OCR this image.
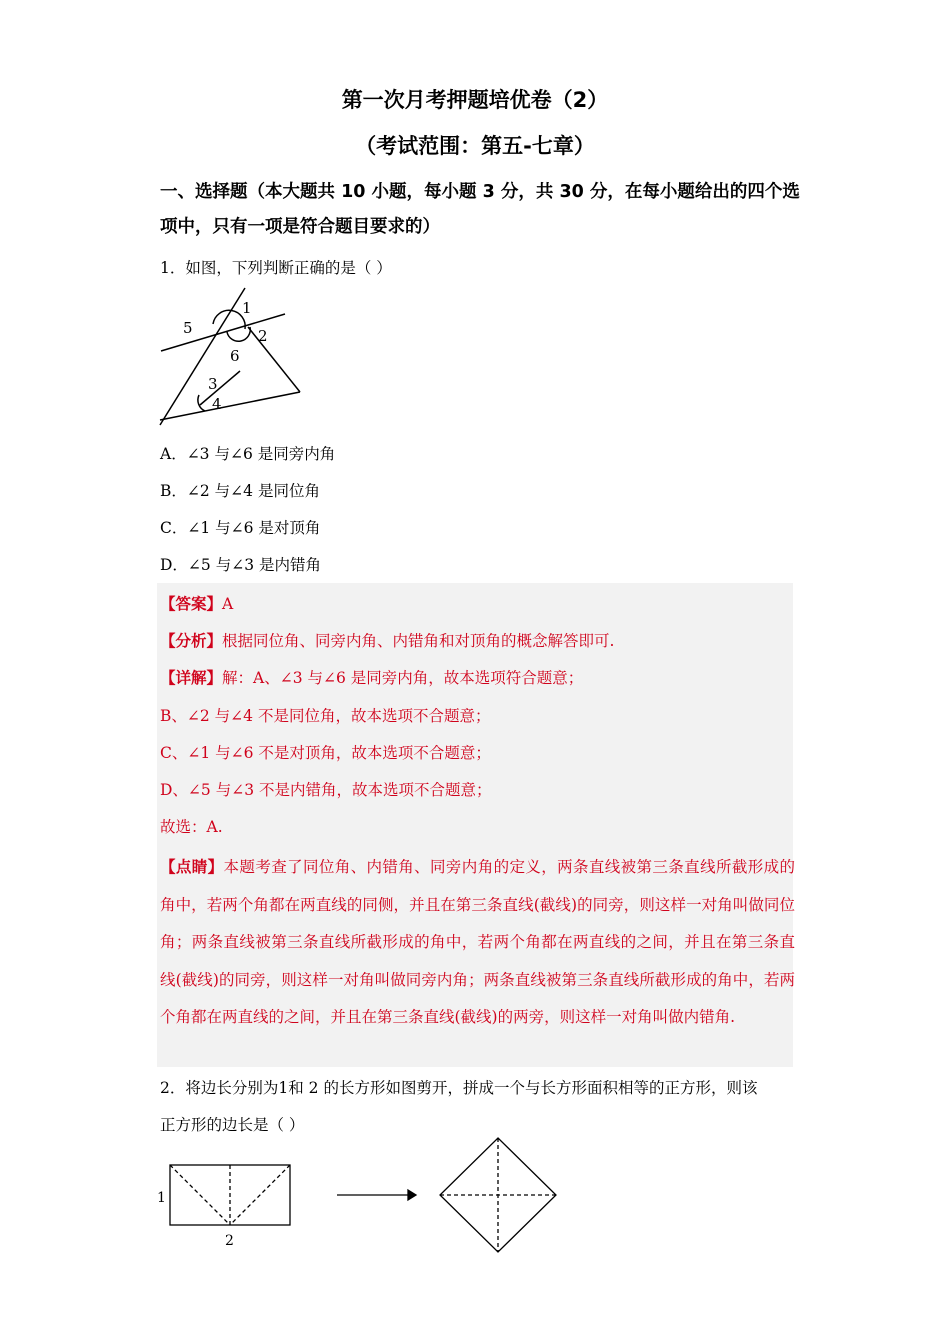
第一次月考押题培优卷（2）
（考试范围：第五-七章）
一、选择题（本大题共 10 小题，每小题 3 分，共 30 分，在每小题给出的四个选项中，只有一项是符合题目要求的）
1．如图，下列判断正确的是（ ）
1
2
5
6
3
4
A．∠3 与∠6 是同旁内角
B．∠2 与∠4 是同位角
C．∠1 与∠6 是对顶角
D．∠5 与∠3 是内错角
【答案】A
【分析】根据同位角、同旁内角、内错角和对顶角的概念解答即可.
【详解】解：A、∠3 与∠6 是同旁内角，故本选项符合题意；
B、∠2 与∠4 不是同位角，故本选项不合题意；
C、∠1 与∠6 不是对顶角，故本选项不合题意；
D、∠5 与∠3 不是内错角，故本选项不合题意；
故选：A.
【点睛】本题考查了同位角、内错角、同旁内角的定义，两条直线被第三条直线所截形成的角中，若两个角都在两直线的同侧，并且在第三条直线(截线)的同旁，则这样一对角叫做同位角；两条直线被第三条直线所截形成的角中，若两个角都在两直线的之间，并且在第三条直线(截线)的同旁，则这样一对角叫做同旁内角；两条直线被第三条直线所截形成的角中，若两个角都在两直线的之间，并且在第三条直线(截线)的两旁，则这样一对角叫做内错角.
2．将边长分别为1和 2 的长方形如图剪开，拼成一个与长方形面积相等的正方形，则该
正方形的边长是（ ）
1
2
